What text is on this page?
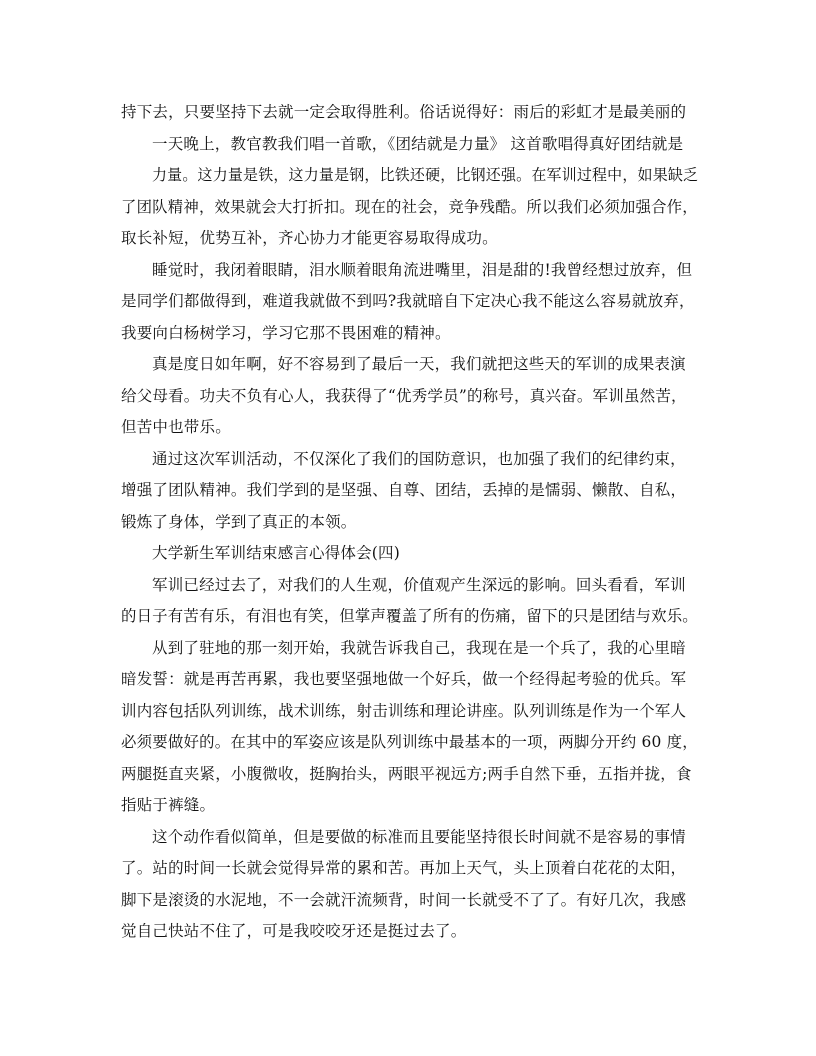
持下去，只要坚持下去就一定会取得胜利。俗话说得好：雨后的彩虹才是最美丽的
一天晚上，教官教我们唱一首歌，《团结就是力量》 这首歌唱得真好团结就是
力量。这力量是铁，这力量是钢，比铁还硬，比钢还强。在军训过程中，如果缺乏
了团队精神，效果就会大打折扣。现在的社会，竞争残酷。所以我们必须加强合作，
取长补短，优势互补，齐心协力才能更容易取得成功。
睡觉时，我闭着眼睛，泪水顺着眼角流进嘴里，泪是甜的!我曾经想过放弃，但
是同学们都做得到，难道我就做不到吗?我就暗自下定决心我不能这么容易就放弃，
我要向白杨树学习，学习它那不畏困难的精神。
真是度日如年啊，好不容易到了最后一天，我们就把这些天的军训的成果表演
给父母看。功夫不负有心人，我获得了“优秀学员”的称号，真兴奋。军训虽然苦，
但苦中也带乐。
通过这次军训活动，不仅深化了我们的国防意识，也加强了我们的纪律约束，
增强了团队精神。我们学到的是坚强、自尊、团结，丢掉的是懦弱、懒散、自私，
锻炼了身体，学到了真正的本领。
大学新生军训结束感言心得体会(四)
军训已经过去了，对我们的人生观，价值观产生深远的影响。回头看看，军训
的日子有苦有乐，有泪也有笑，但掌声覆盖了所有的伤痛，留下的只是团结与欢乐。
从到了驻地的那一刻开始，我就告诉我自己，我现在是一个兵了，我的心里暗
暗发誓：就是再苦再累，我也要坚强地做一个好兵，做一个经得起考验的优兵。军
训内容包括队列训练，战术训练，射击训练和理论讲座。队列训练是作为一个军人
必须要做好的。在其中的军姿应该是队列训练中最基本的一项，两脚分开约 60 度，
两腿挺直夹紧，小腹微收，挺胸抬头，两眼平视远方;两手自然下垂，五指并拢，食
指贴于裤缝。
这个动作看似简单，但是要做的标准而且要能坚持很长时间就不是容易的事情
了。站的时间一长就会觉得异常的累和苦。再加上天气，头上顶着白花花的太阳，
脚下是滚烫的水泥地，不一会就汗流频背，时间一长就受不了了。有好几次，我感
觉自己快站不住了，可是我咬咬牙还是挺过去了。
